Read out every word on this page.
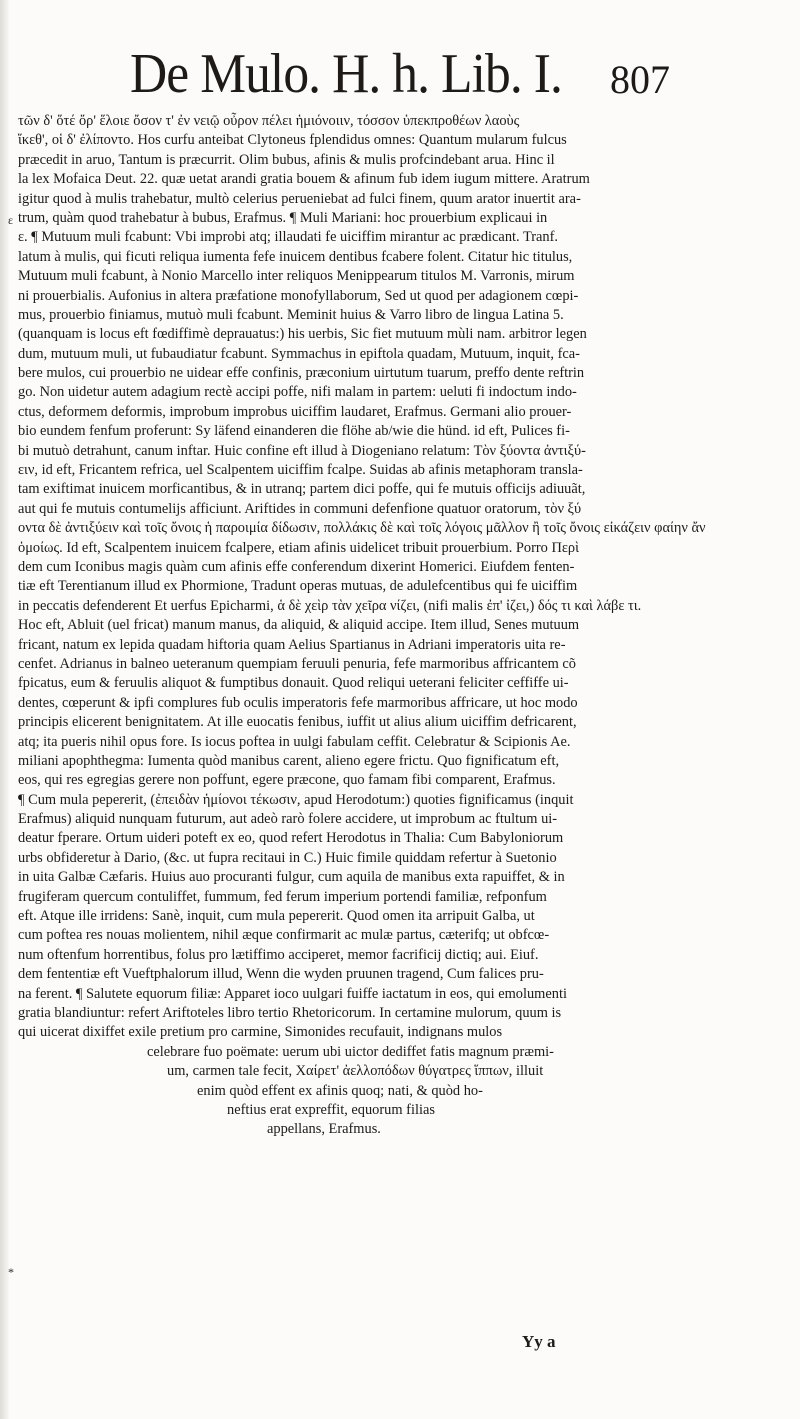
De Mulo. H. h. Lib. I. 807
τῶν δ' ὅτέ ὄρ' ἕλοιε ὄσον τ' ἐν νειῷ οὖρον πέλει ἡμιόνοιιν, τόσσον ὑπεκπροθέων λαοὺς
ἵκεθ', οἱ δ' ἐλίποντο. Hos curfu anteibat Clytoneus fplendidus omnes: Quantum mularum fulcus
præcedit in aruo, Tantum is præcurrit. Olim bubus, afinis & mulis profcindebant arua. Hinc il
la lex Mofaica Deut. 22. quæ uetat arandi gratia bouem & afinum fub idem iugum mittere. Aratrum
igitur quod à mulis trahebatur, multò celerius perueniebat ad fulci finem, quum arator inuertit ara-
trum, quàm quod trahebatur à bubus, Erafmus. ¶ Muli Mariani: hoc prouerbium explicaui in
ε. ¶ Mutuum muli fcabunt: Vbi improbi atq; illaudati fe uiciffim mirantur ac prædicant. Tranf.
latum à mulis, qui ficuti reliqua iumenta fefe inuicem dentibus fcabere folent. Citatur hic titulus,
Mutuum muli fcabunt, à Nonio Marcello inter reliquos Menippearum titulos M. Varronis, mirum
ni prouerbialis. Aufonius in altera præfatione monofyllaborum, Sed ut quod per adagionem cœpi-
mus, prouerbio finiamus, mutuò muli fcabunt. Meminit huius & Varro libro de lingua Latina 5.
(quanquam is locus eft fœdiffimè deprauatus:) his uerbis, Sic fiet mutuum mùli nam. arbitror legen
dum, mutuum muli, ut fubaudiatur fcabunt. Symmachus in epiftola quadam, Mutuum, inquit, fca-
bere mulos, cui prouerbio ne uidear effe confinis, præconium uirtutum tuarum, preffo dente reftrin
go. Non uidetur autem adagium rectè accipi poffe, nifi malam in partem: ueluti fi indoctum indo-
ctus, deformem deformis, improbum improbus uiciffim laudaret, Erafmus. Germani alio prouer-
bio eundem fenfum proferunt: Sy läfend einanderen die flöhe ab/wie die hünd. id eft, Pulices fi-
bi mutuò detrahunt, canum inftar. Huic confine eft illud à Diogeniano relatum: Τὸν ξύοντα ἀντιξύ-
ειν, id eft, Fricantem refrica, uel Scalpentem uiciffim fcalpe. Suidas ab afinis metaphoram transla-
tam exiftimat inuicem morficantibus, & in utranq; partem dici poffe, qui fe mutuis officijs adiuuãt,
aut qui fe mutuis contumelijs afficiunt. Ariftides in communi defenfione quatuor oratorum, τὸν ξύ
οντα δὲ ἀντιξύειν καὶ τοῖς ὄνοις ἡ παροιμία δίδωσιν, πολλάκις δὲ καὶ τοῖς λόγοις μᾶλλον ἢ τοῖς ὄνοις εἰκάζειν φαίην ἄν
ὁμοίως. Id eft, Scalpentem inuicem fcalpere, etiam afinis uidelicet tribuit prouerbium. Porro Περὶ
dem cum Iconibus magis quàm cum afinis effe conferendum dixerint Homerici. Eiufdem fenten-
tiæ eft Terentianum illud ex Phormione, Tradunt operas mutuas, de adulefcentibus qui fe uiciffim
in peccatis defenderent Et uerfus Epicharmi, ἁ δὲ χεὶρ τὰν χεῖρα νίζει, (nifi malis ἐπ' ἰζει,) δός τι καὶ λάβε τι.
Hoc eft, Abluit (uel fricat) manum manus, da aliquid, & aliquid accipe. Item illud, Senes mutuum
fricant, natum ex lepida quadam hiftoria quam Aelius Spartianus in Adriani imperatoris uita re-
cenfet. Adrianus in balneo ueteranum quempiam feruuli penuria, fefe marmoribus affricantem cõ
fpicatus, eum & feruulis aliquot & fumptibus donauit. Quod reliqui ueterani feliciter ceffiffe ui-
dentes, cœperunt & ipfi complures fub oculis imperatoris fefe marmoribus affricare, ut hoc modo
principis elicerent benignitatem. At ille euocatis fenibus, iuffit ut alius alium uiciffim defricarent,
atq; ita pueris nihil opus fore. Is iocus poftea in uulgi fabulam ceffit. Celebratur & Scipionis Ae.
miliani apophthegma: Iumenta quòd manibus carent, alieno egere frictu. Quo fignificatum eft,
eos, qui res egregias gerere non poffunt, egere præcone, quo famam fibi comparent, Erafmus.
¶ Cum mula pepererit, (ἐπειδὰν ἡμίονοι τέκωσιν, apud Herodotum:) quoties fignificamus (inquit
Erafmus) aliquid nunquam futurum, aut adeò rarò folere accidere, ut improbum ac ftultum ui-
deatur fperare. Ortum uideri poteft ex eo, quod refert Herodotus in Thalia: Cum Babyloniorum
urbs obfideretur à Dario, (&c. ut fupra recitaui in C.) Huic fimile quiddam refertur à Suetonio
in uita Galbæ Cæfaris. Huius auo procuranti fulgur, cum aquila de manibus exta rapuiffet, & in
frugiferam quercum contuliffet, fummum, fed ferum imperium portendi familiæ, refponfum
eft. Atque ille irridens: Sanè, inquit, cum mula pepererit. Quod omen ita arripuit Galba, ut
cum poftea res nouas molientem, nihil æque confirmarit ac mulæ partus, cæterifq; ut obfcœ-
num oftenfum horrentibus, folus pro lætiffimo acciperet, memor facrificij dictiq; aui. Eiuf.
dem fententiæ eft Vueftphalorum illud, Wenn die wyden pruunen tragend, Cum falices pru-
na ferent. ¶ Salutete equorum filiæ: Apparet ioco uulgari fuiffe iactatum in eos, qui emolumenti
gratia blandiuntur: refert Ariftoteles libro tertio Rhetoricorum. In certamine mulorum, quum is
qui uicerat dixiffet exile pretium pro carmine, Simonides recufauit, indignans mulos
celebrare fuo poëmate: uerum ubi uictor dediffet fatis magnum præmi-
um, carmen tale fecit, Χαίρετ' ἀελλοπόδων θύγατρες ἵππων, illuit
enim quòd effent ex afinis quoq; nati, & quòd ho-
neftius erat expreffit, equorum filias
appellans, Erafmus.
ε
*
Yy a
